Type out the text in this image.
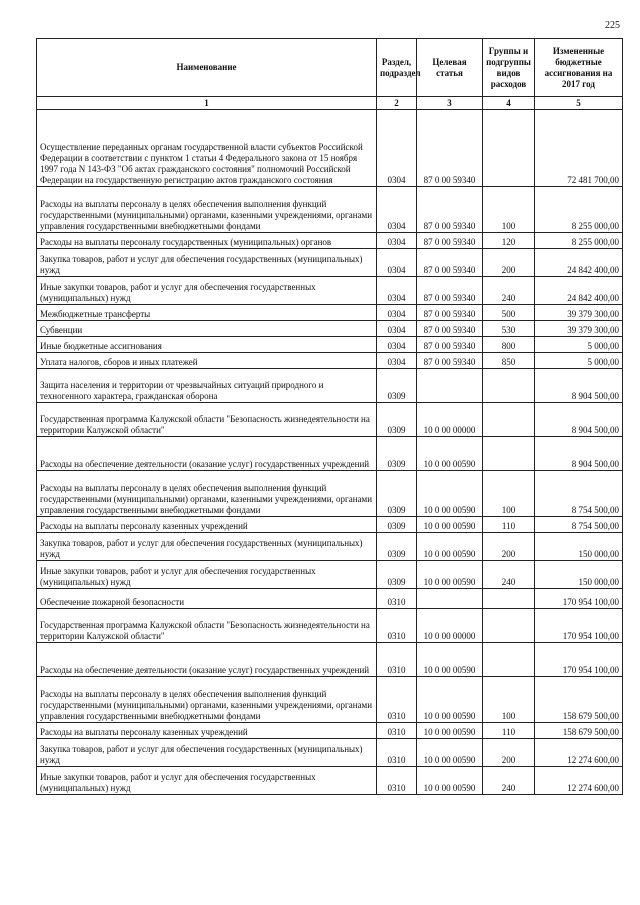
225
Наименование	Раздел, подраздел	Целевая статья	Группы и подгруппы видов расходов	Измененные бюджетные ассигнования на 2017 год
1	2	3	4	5
Осуществление переданных органам государственной власти субъектов Российской Федерации в соответствии с пунктом 1 статьи 4 Федерального закона от 15 ноября 1997 года N 143-ФЗ "Об актах гражданского состояния" полномочий Российской Федерации на государственную регистрацию актов гражданского состояния	0304	87 0 00 59340		72 481 700,00
Расходы на выплаты персоналу в целях обеспечения выполнения функций государственными (муниципальными) органами, казенными учреждениями, органами управления государственными внебюджетными фондами	0304	87 0 00 59340	100	8 255 000,00
Расходы на выплаты персоналу государственных (муниципальных) органов	0304	87 0 00 59340	120	8 255 000,00
Закупка товаров, работ и услуг для обеспечения государственных (муниципальных) нужд	0304	87 0 00 59340	200	24 842 400,00
Иные закупки товаров, работ и услуг для обеспечения государственных (муниципальных) нужд	0304	87 0 00 59340	240	24 842 400,00
Межбюджетные трансферты	0304	87 0 00 59340	500	39 379 300,00
Субвенции	0304	87 0 00 59340	530	39 379 300,00
Иные бюджетные ассигнования	0304	87 0 00 59340	800	5 000,00
Уплата налогов, сборов и иных платежей	0304	87 0 00 59340	850	5 000,00
Защита населения и территории от чрезвычайных ситуаций природного и техногенного характера, гражданская оборона	0309			8 904 500,00
Государственная программа Калужской области "Безопасность жизнедеятельности на территории Калужской области"	0309	10 0 00 00000		8 904 500,00
Расходы на обеспечение деятельности (оказание услуг) государственных учреждений	0309	10 0 00 00590		8 904 500,00
Расходы на выплаты персоналу в целях обеспечения выполнения функций государственными (муниципальными) органами, казенными учреждениями, органами управления государственными внебюджетными фондами	0309	10 0 00 00590	100	8 754 500,00
Расходы на выплаты персоналу казенных учреждений	0309	10 0 00 00590	110	8 754 500,00
Закупка товаров, работ и услуг для обеспечения государственных (муниципальных) нужд	0309	10 0 00 00590	200	150 000,00
Иные закупки товаров, работ и услуг для обеспечения государственных (муниципальных) нужд	0309	10 0 00 00590	240	150 000,00
Обеспечение пожарной безопасности	0310			170 954 100,00
Государственная программа Калужской области "Безопасность жизнедеятельности на территории Калужской области"	0310	10 0 00 00000		170 954 100,00
Расходы на обеспечение деятельности (оказание услуг) государственных учреждений	0310	10 0 00 00590		170 954 100,00
Расходы на выплаты персоналу в целях обеспечения выполнения функций государственными (муниципальными) органами, казенными учреждениями, органами управления государственными внебюджетными фондами	0310	10 0 00 00590	100	158 679 500,00
Расходы на выплаты персоналу казенных учреждений	0310	10 0 00 00590	110	158 679 500,00
Закупка товаров, работ и услуг для обеспечения государственных (муниципальных) нужд	0310	10 0 00 00590	200	12 274 600,00
Иные закупки товаров, работ и услуг для обеспечения государственных (муниципальных) нужд	0310	10 0 00 00590	240	12 274 600,00
